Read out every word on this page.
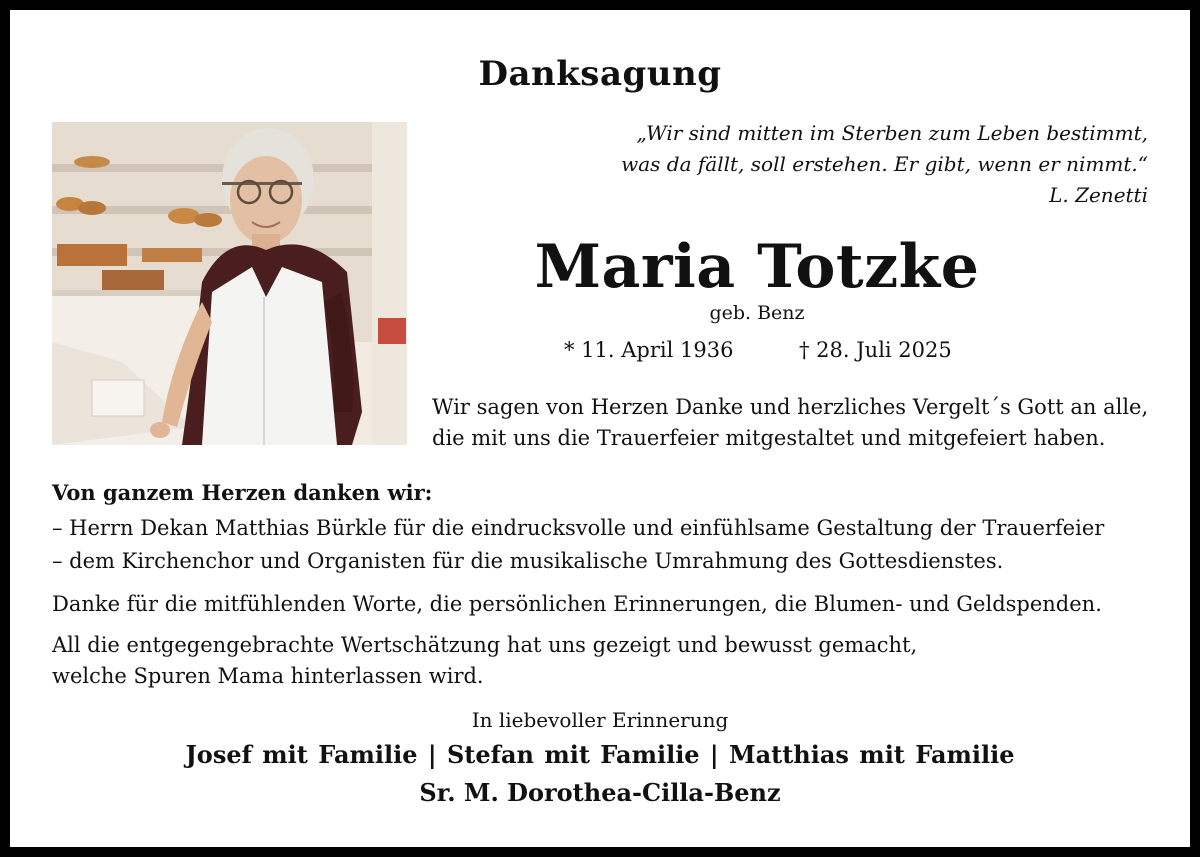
Danksagung
„Wir sind mitten im Sterben zum Leben bestimmt,
was da fällt, soll erstehen. Er gibt, wenn er nimmt.“
L. Zenetti
Maria Totzke
geb. Benz
* 11. April 1936	† 28. Juli 2025
Wir sagen von Herzen Danke und herzliches Vergelt´s Gott an alle,
die mit uns die Trauerfeier mitgestaltet und mitgefeiert haben.
Von ganzem Herzen danken wir:
– Herrn Dekan Matthias Bürkle für die eindrucksvolle und einfühlsame Gestaltung der Trauerfeier
– dem Kirchenchor und Organisten für die musikalische Umrahmung des Gottesdienstes.
Danke für die mitfühlenden Worte, die persönlichen Erinnerungen, die Blumen- und Geldspenden.
All die entgegengebrachte Wertschätzung hat uns gezeigt und bewusst gemacht,
welche Spuren Mama hinterlassen wird.
In liebevoller Erinnerung
Josef mit Familie | Stefan mit Familie | Matthias mit Familie
Sr. M. Dorothea-Cilla-Benz
